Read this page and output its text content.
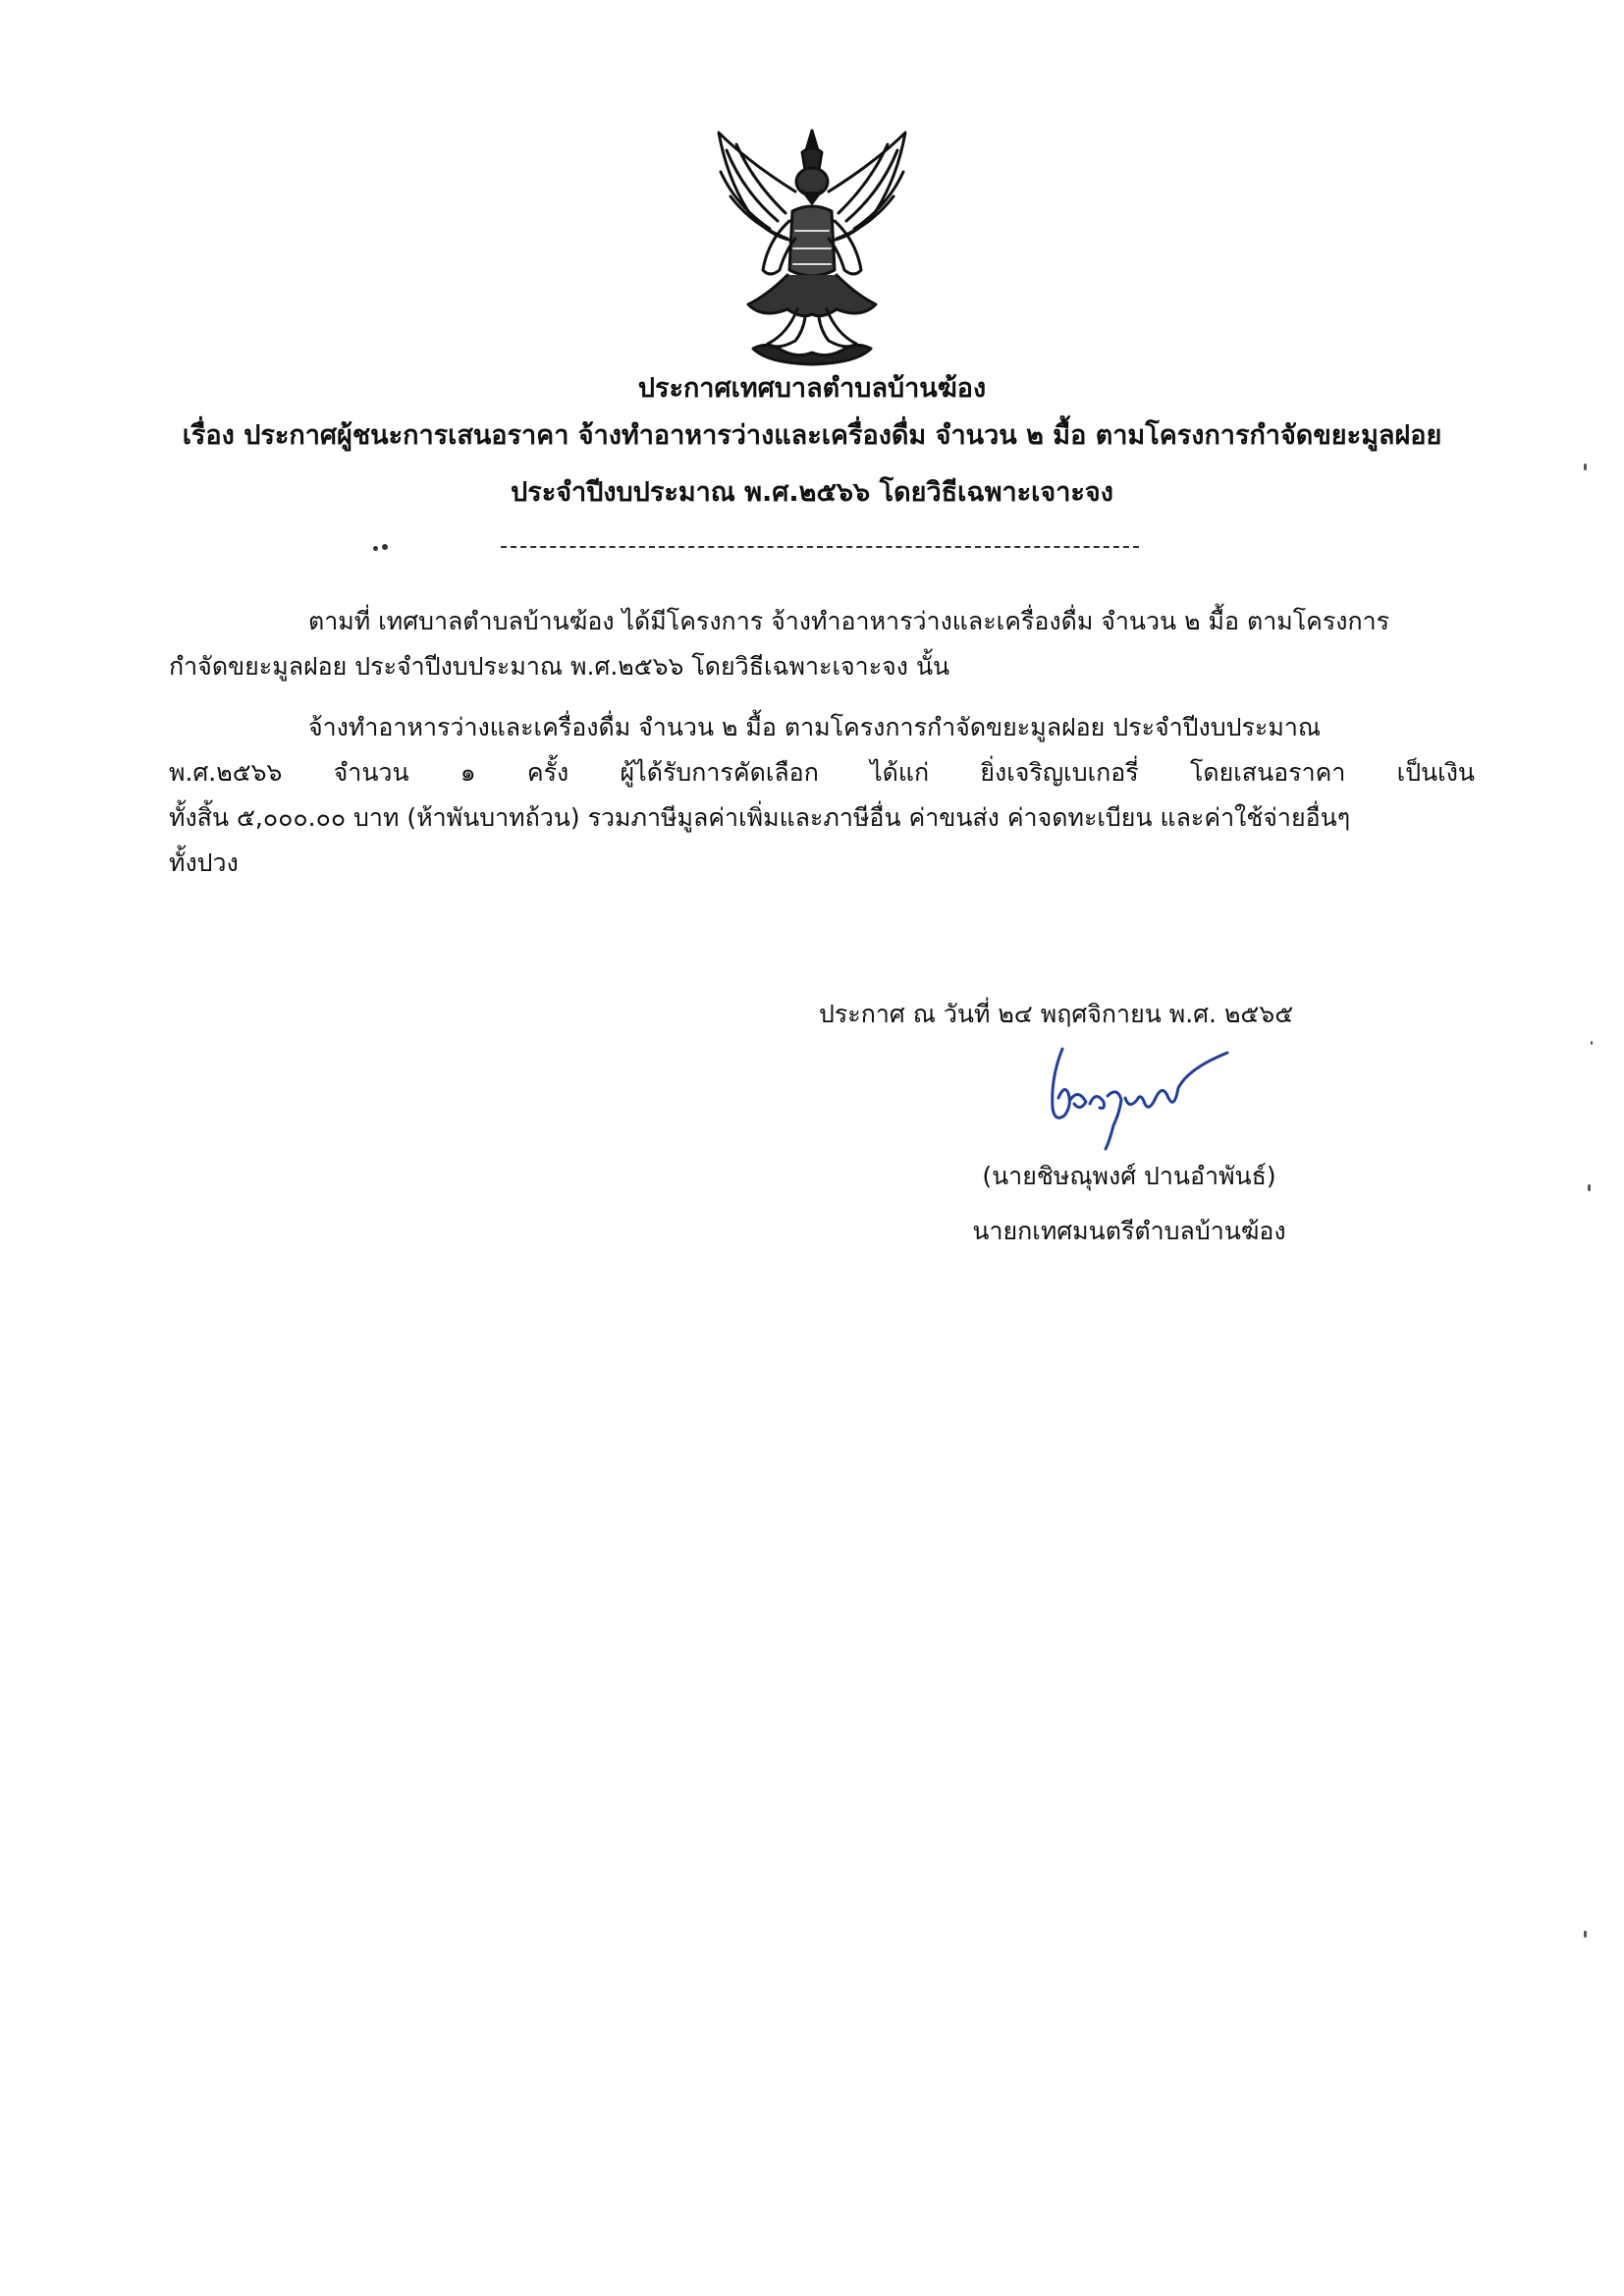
ประกาศเทศบาลตำบลบ้านฆ้อง
เรื่อง ประกาศผู้ชนะการเสนอราคา จ้างทำอาหารว่างและเครื่องดื่ม จำนวน ๒ มื้อ ตามโครงการกำจัดขยะมูลฝอย
ประจำปีงบประมาณ พ.ศ.๒๕๖๖ โดยวิธีเฉพาะเจาะจง
ตามที่ เทศบาลตำบลบ้านฆ้อง ได้มีโครงการ จ้างทำอาหารว่างและเครื่องดื่ม จำนวน ๒ มื้อ ตามโครงการ
กำจัดขยะมูลฝอย ประจำปีงบประมาณ พ.ศ.๒๕๖๖ โดยวิธีเฉพาะเจาะจง นั้น
จ้างทำอาหารว่างและเครื่องดื่ม จำนวน ๒ มื้อ ตามโครงการกำจัดขยะมูลฝอย ประจำปีงบประมาณ
พ.ศ.๒๕๖๖ จำนวน ๑ ครั้ง ผู้ได้รับการคัดเลือก ได้แก่ ยิ่งเจริญเบเกอรี่ โดยเสนอราคา เป็นเงิน
ทั้งสิ้น ๕,๐๐๐.๐๐ บาท (ห้าพันบาทถ้วน) รวมภาษีมูลค่าเพิ่มและภาษีอื่น ค่าขนส่ง ค่าจดทะเบียน และค่าใช้จ่ายอื่นๆ
ทั้งปวง
ประกาศ ณ วันที่ ๒๔ พฤศจิกายน พ.ศ. ๒๕๖๕
(นายชิษณุพงศ์ ปานอำพันธ์)
นายกเทศมนตรีตำบลบ้านฆ้อง
